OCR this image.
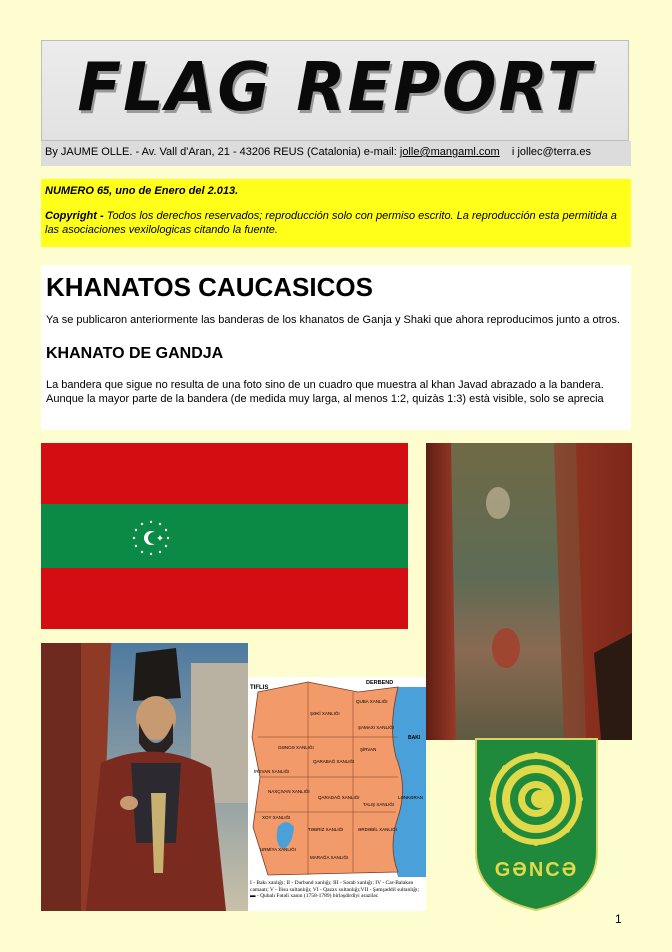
FLAG REPORT
By JAUME OLLE. - Av. Vall d'Aran, 21 - 43206 REUS (Catalonia) e-mail: jolle@mangaml.com i jollec@terra.es
NUMERO 65, uno de Enero del 2.013.
Copyright - Todos los derechos reservados; reproducción solo con permiso escrito. La reproducción esta permitida a las asociaciones vexilologicas citando la fuente.
KHANATOS CAUCASICOS

Ya se publicaron anteriormente las banderas de los khanatos de Ganja y Shaki que ahora reproducimos junto a otros.

KHANATO DE GANDJA

La bandera que sigue no resulta de una foto sino de un cuadro que muestra al khan Javad abrazado a la bandera. Aunque la mayor parte de la bandera (de medida muy larga, al menos 1:2, quizàs 1:3) està visible, solo se aprecia

TIFLIS
DERBEND
QUBA XANLIĞI
ŞƏKİ XANLIĞI
ŞAMAXI XANLIĞI
BAKI
GƏNCƏ XANLIĞI	ŞİRVAN
QARABAĞ XANLIĞI
İREVAN XANLIĞI
NAXÇIVAN XANLIĞI
QARADAĞ XANLIĞI
TALIŞ XANLIĞI
LƏNKƏRAN
XOY XANLIĞI
TƏBRİZ XANLIĞI	ƏRDƏBİL XANLIĞI
URMİYA XANLIĞI
MARAĞA XANLIĞI
I - Bakı xanlığı; II - Dərbənd xanlığı; III - Sərab xanlığı; IV - Car-Balakən camaatı; V - İlisu sultanlığı; VI - Qazax sultanlığı;VII - Şəmşəddil sultanlığı; ▬ - Qubalı Fətəli xanın (1758-1789) birləşdirdiyi ərazilər.
GƏNCƏ
1
